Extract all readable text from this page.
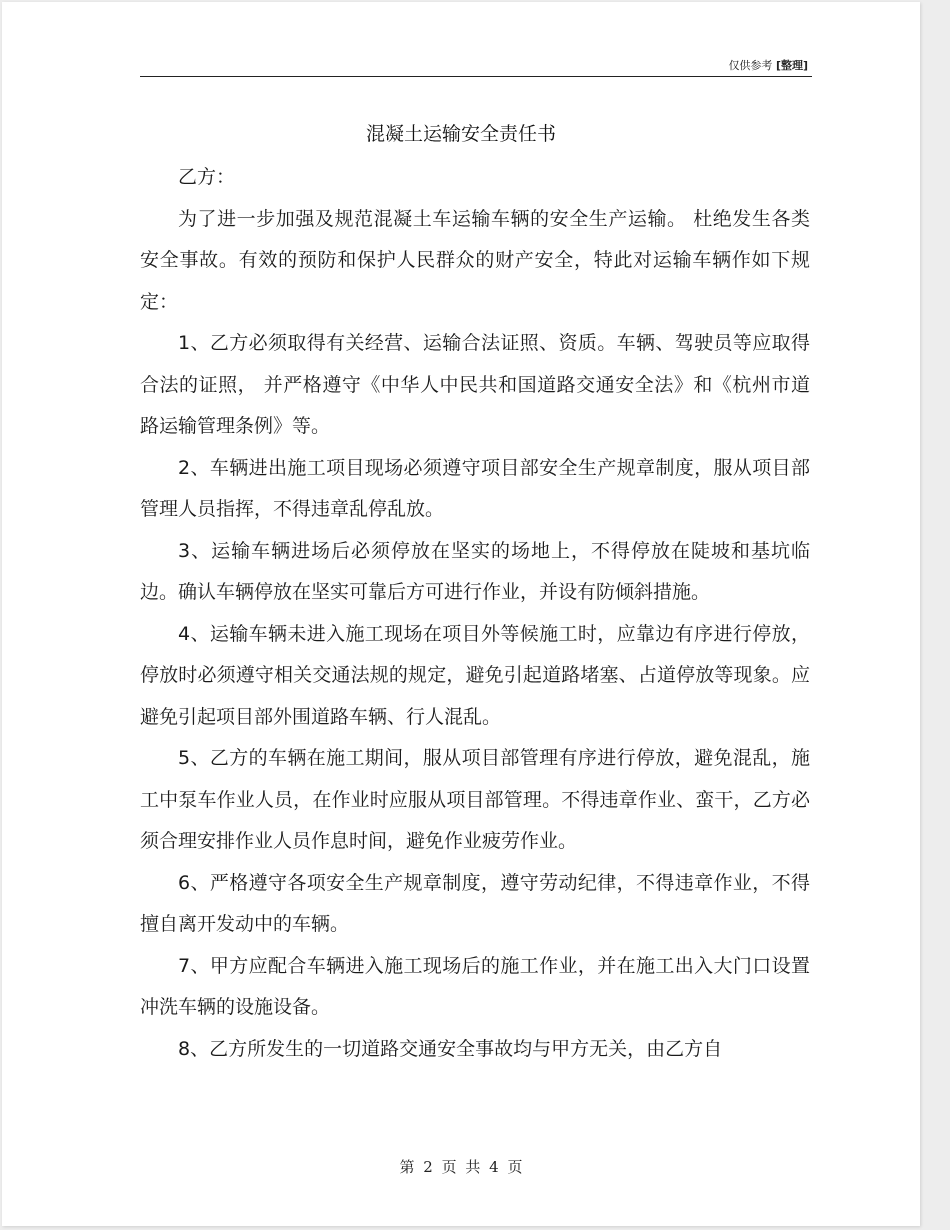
仅供参考 [整理]
混凝土运输安全责任书

乙方：

为了进一步加强及规范混凝土车运输车辆的安全生产运输。 杜绝发生各类安全事故。有效的预防和保护人民群众的财产安全，特此对运输车辆作如下规定：

1、乙方必须取得有关经营、运输合法证照、资质。车辆、驾驶员等应取得合法的证照， 并严格遵守《中华人中民共和国道路交通安全法》和《杭州市道路运输管理条例》等。

2、车辆进出施工项目现场必须遵守项目部安全生产规章制度，服从项目部管理人员指挥，不得违章乱停乱放。

3、运输车辆进场后必须停放在坚实的场地上，不得停放在陡坡和基坑临边。确认车辆停放在坚实可靠后方可进行作业，并设有防倾斜措施。

4、运输车辆未进入施工现场在项目外等候施工时，应靠边有序进行停放，停放时必须遵守相关交通法规的规定，避免引起道路堵塞、占道停放等现象。应避免引起项目部外围道路车辆、行人混乱。

5、乙方的车辆在施工期间，服从项目部管理有序进行停放，避免混乱，施工中泵车作业人员，在作业时应服从项目部管理。不得违章作业、蛮干，乙方必须合理安排作业人员作息时间，避免作业疲劳作业。

6、严格遵守各项安全生产规章制度，遵守劳动纪律，不得违章作业，不得擅自离开发动中的车辆。

7、甲方应配合车辆进入施工现场后的施工作业，并在施工出入大门口设置冲洗车辆的设施设备。

8、乙方所发生的一切道路交通安全事故均与甲方无关，由乙方自

第 2 页 共 4 页
